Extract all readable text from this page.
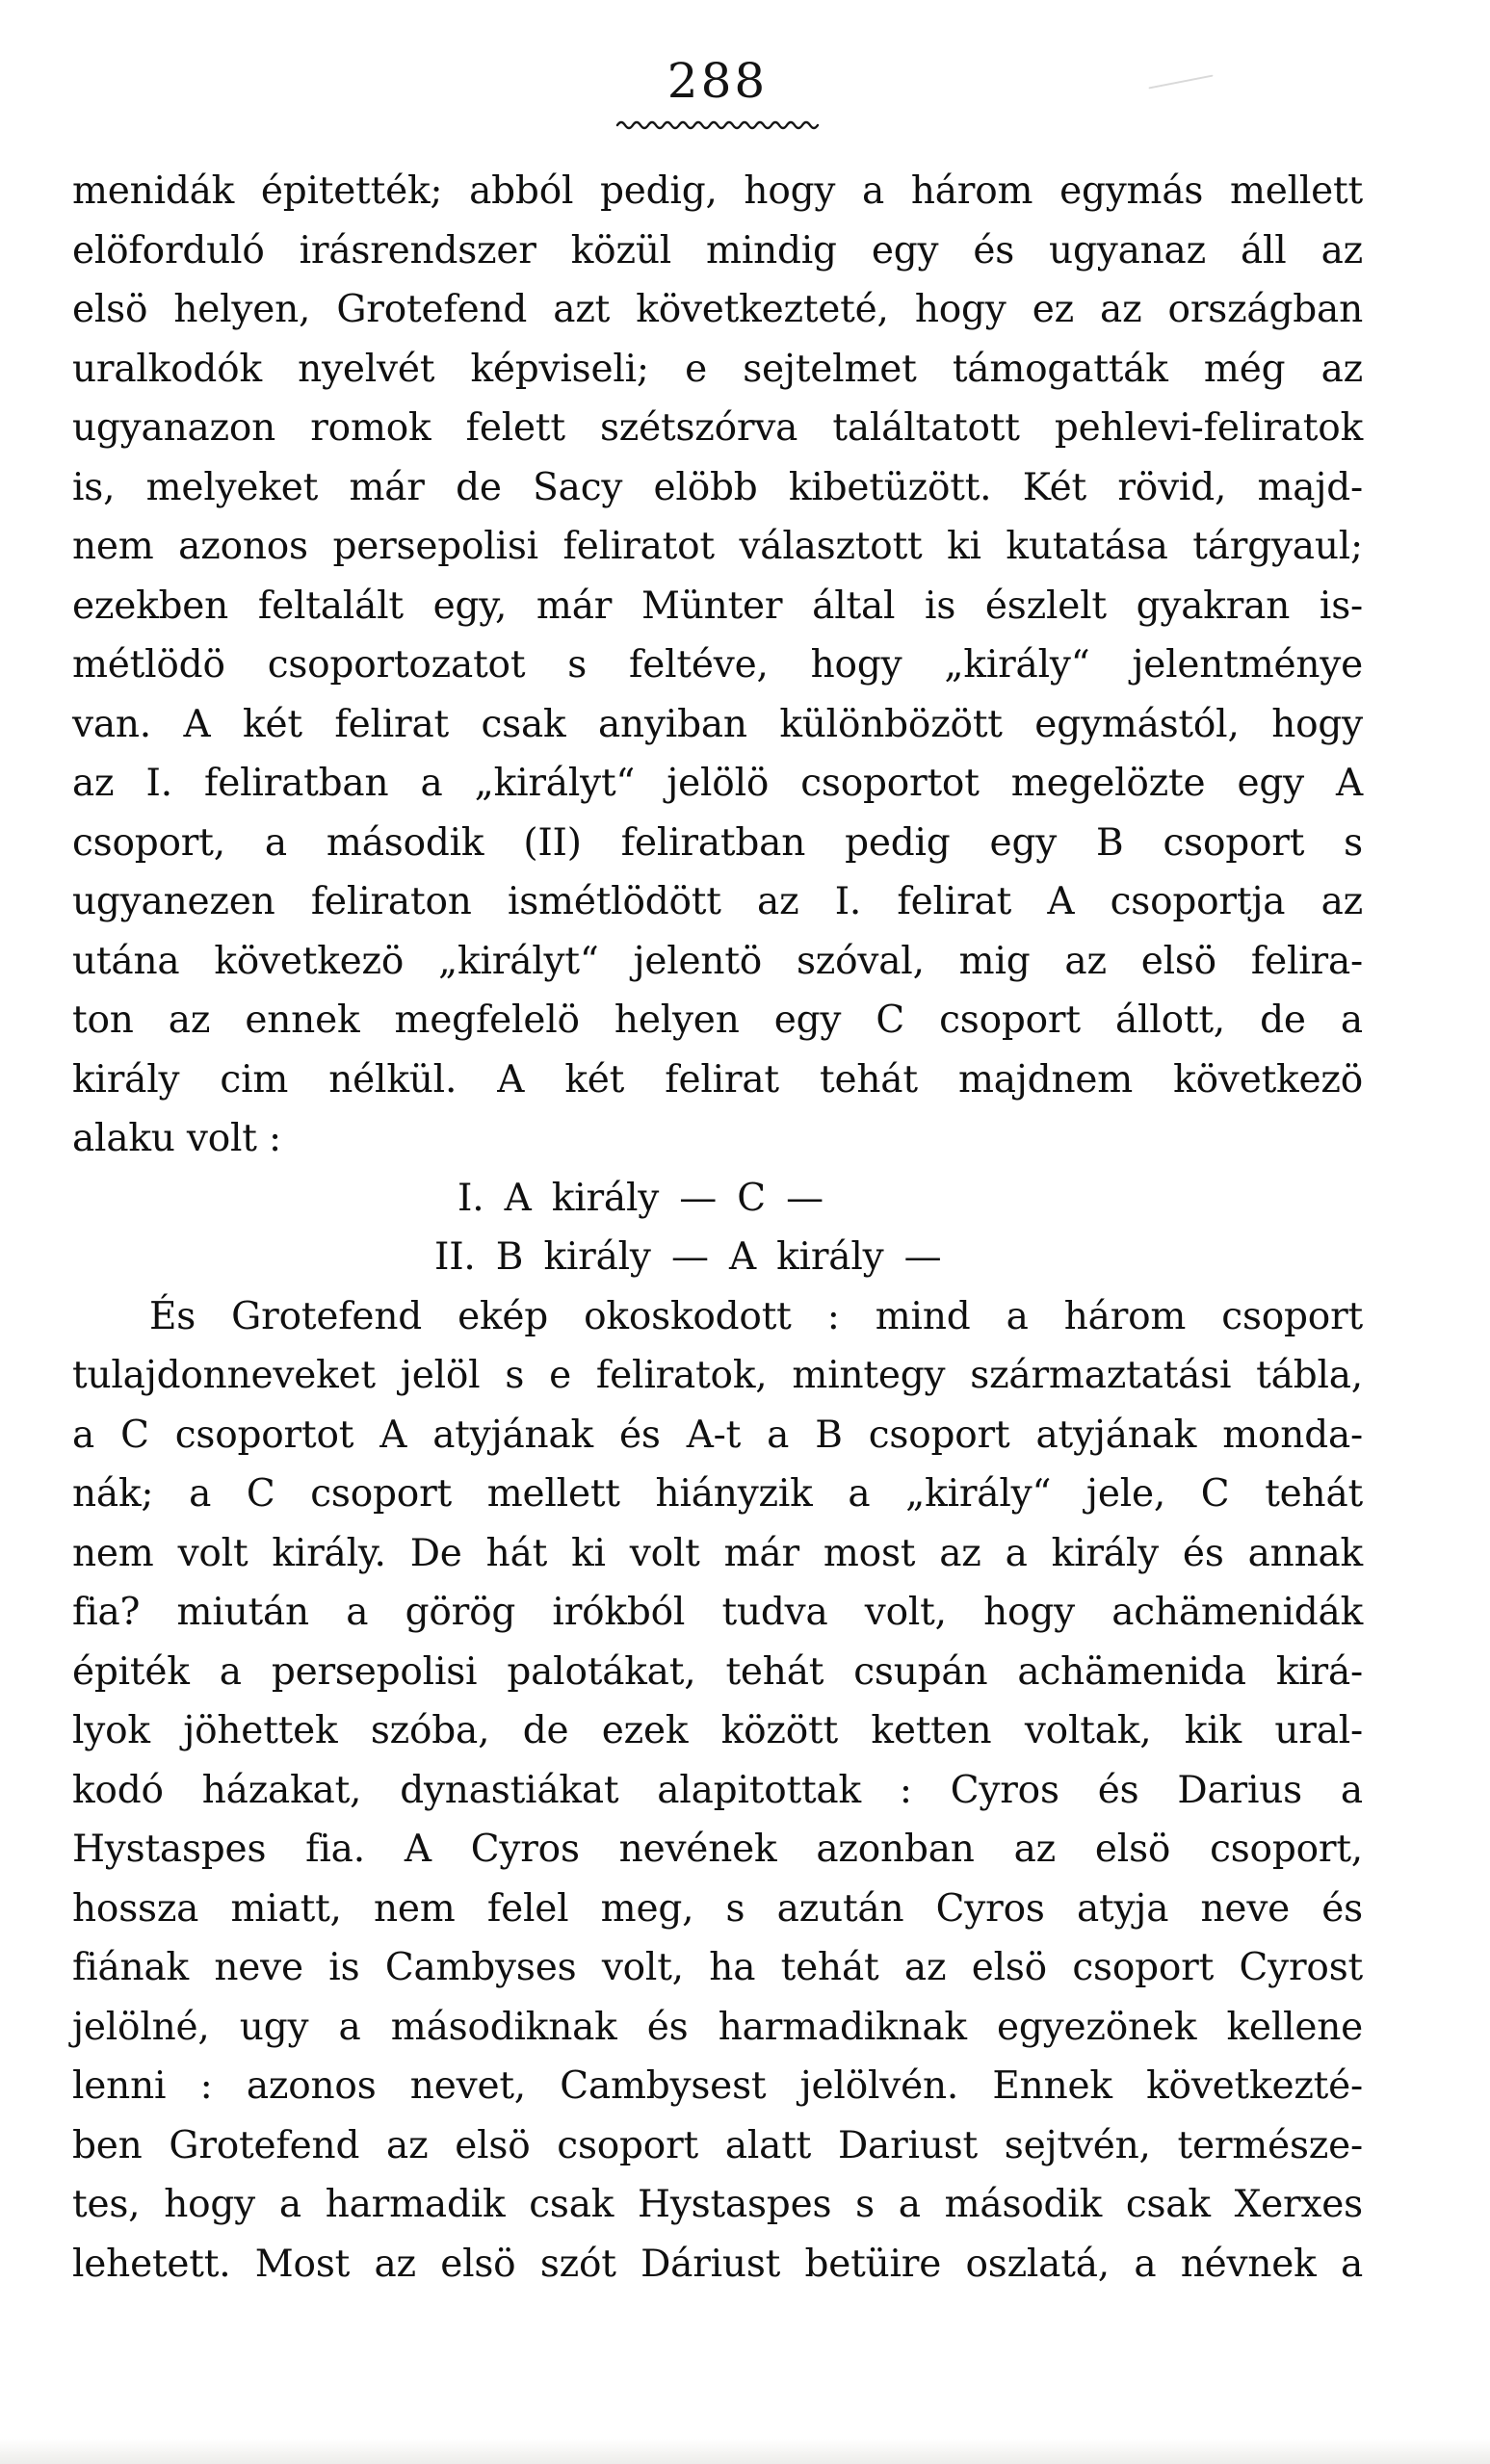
288
menidák épitették; abból pedig, hogy a három egymás mellett
elöforduló irásrendszer közül mindig egy és ugyanaz áll az
elsö helyen, Grotefend azt következteté, hogy ez az országban
uralkodók nyelvét képviseli; e sejtelmet támogatták még az
ugyanazon romok felett szétszórva találtatott pehlevi-feliratok
is, melyeket már de Sacy elöbb kibetüzött. Két rövid, majd-
nem azonos persepolisi feliratot választott ki kutatása tárgyaul;
ezekben feltalált egy, már Münter által is észlelt gyakran is-
métlödö csoportozatot s feltéve, hogy „király“ jelentménye
van. A két felirat csak anyiban különbözött egymástól, hogy
az I. feliratban a „királyt“ jelölö csoportot megelözte egy A
csoport, a második (II) feliratban pedig egy B csoport s
ugyanezen feliraton ismétlödött az I. felirat A csoportja az
utána következö „királyt“ jelentö szóval, mig az elsö felira-
ton az ennek megfelelö helyen egy C csoport állott, de a
király cim nélkül. A két felirat tehát majdnem következö
alaku volt :
I. A király — C —
II. B király — A király —
És Grotefend ekép okoskodott : mind a három csoport
tulajdonneveket jelöl s e feliratok, mintegy származtatási tábla,
a C csoportot A atyjának és A-t a B csoport atyjának monda-
nák; a C csoport mellett hiányzik a „király“ jele, C tehát
nem volt király. De hát ki volt már most az a király és annak
fia? miután a görög irókból tudva volt, hogy achämenidák
épiték a persepolisi palotákat, tehát csupán achämenida kirá-
lyok jöhettek szóba, de ezek között ketten voltak, kik ural-
kodó házakat, dynastiákat alapitottak : Cyros és Darius a
Hystaspes fia. A Cyros nevének azonban az elsö csoport,
hossza miatt, nem felel meg, s azután Cyros atyja neve és
fiának neve is Cambyses volt, ha tehát az elsö csoport Cyrost
jelölné, ugy a másodiknak és harmadiknak egyezönek kellene
lenni : azonos nevet, Cambysest jelölvén. Ennek következté-
ben Grotefend az elsö csoport alatt Dariust sejtvén, természe-
tes, hogy a harmadik csak Hystaspes s a második csak Xerxes
lehetett. Most az elsö szót Dáriust betüire oszlatá, a névnek a
